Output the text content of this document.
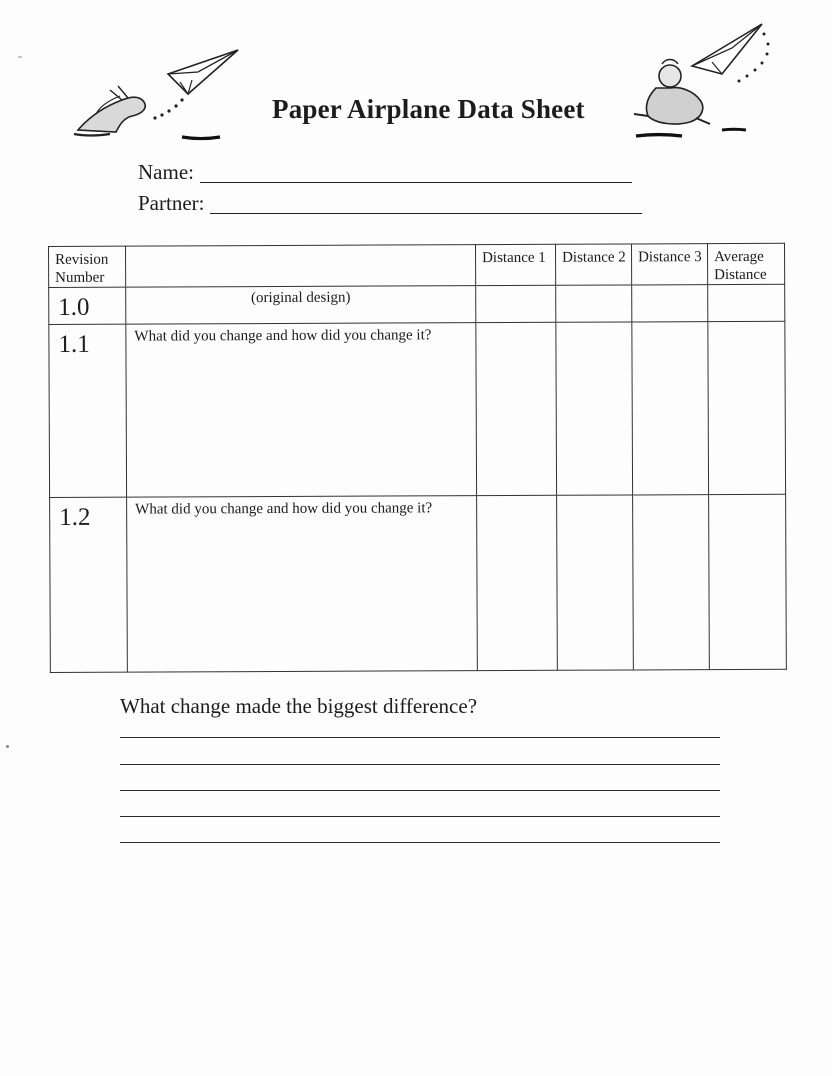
Paper Airplane Data Sheet
Name:
Partner:
Revision Number		Distance 1	Distance 2	Distance 3	Average Distance
1.0	(original design)				
1.1	What did you change and how did you change it?				
1.2	What did you change and how did you change it?				
What change made the biggest difference?
